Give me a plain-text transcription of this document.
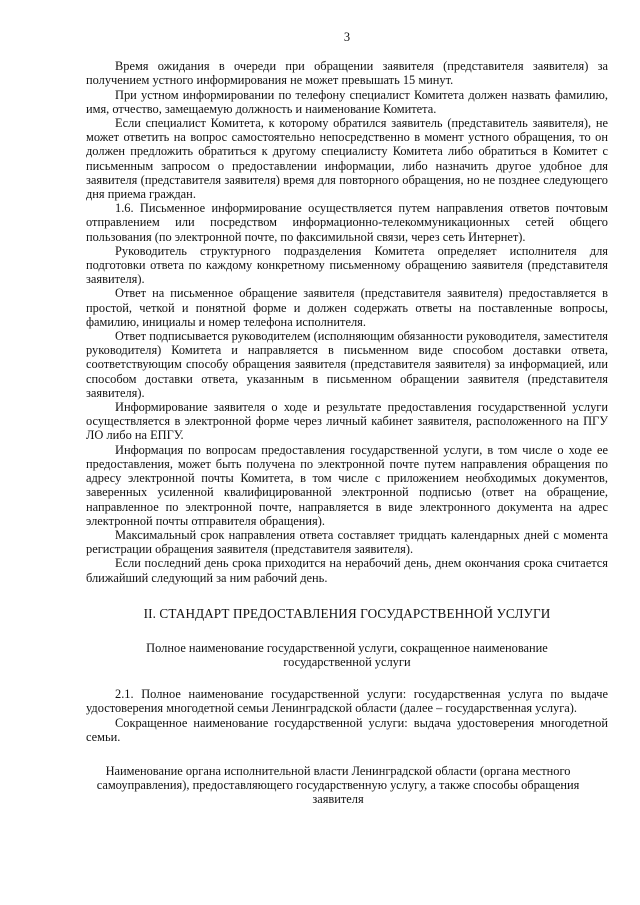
3

Время ожидания в очереди при обращении заявителя (представителя заявителя) за получением устного информирования не может превышать 15 минут.

При устном информировании по телефону специалист Комитета должен назвать фамилию, имя, отчество, замещаемую должность и наименование Комитета.

Если специалист Комитета, к которому обратился заявитель (представитель заявителя), не может ответить на вопрос самостоятельно непосредственно в момент устного обращения, то он должен предложить обратиться к другому специалисту Комитета либо обратиться в Комитет с письменным запросом о предоставлении информации, либо назначить другое удобное для заявителя (представителя заявителя) время для повторного обращения, но не позднее следующего дня приема граждан.

1.6. Письменное информирование осуществляется путем направления ответов почтовым отправлением или посредством информационно-телекоммуникационных сетей общего пользования (по электронной почте, по факсимильной связи, через сеть Интернет).

Руководитель структурного подразделения Комитета определяет исполнителя для подготовки ответа по каждому конкретному письменному обращению заявителя (представителя заявителя).

Ответ на письменное обращение заявителя (представителя заявителя) предоставляется в простой, четкой и понятной форме и должен содержать ответы на поставленные вопросы, фамилию, инициалы и номер телефона исполнителя.

Ответ подписывается руководителем (исполняющим обязанности руководителя, заместителя руководителя) Комитета и направляется в письменном виде способом доставки ответа, соответствующим способу обращения заявителя (представителя заявителя) за информацией, или способом доставки ответа, указанным в письменном обращении заявителя (представителя заявителя).

Информирование заявителя о ходе и результате предоставления государственной услуги осуществляется в электронной форме через личный кабинет заявителя, расположенного на ПГУ ЛО либо на ЕПГУ.

Информация по вопросам предоставления государственной услуги, в том числе о ходе ее предоставления, может быть получена по электронной почте путем направления обращения по адресу электронной почты Комитета, в том числе с приложением необходимых документов, заверенных усиленной квалифицированной электронной подписью (ответ на обращение, направленное по электронной почте, направляется в виде электронного документа на адрес электронной почты отправителя обращения).

Максимальный срок направления ответа составляет тридцать календарных дней с момента регистрации обращения заявителя (представителя заявителя).

Если последний день срока приходится на нерабочий день, днем окончания срока считается ближайший следующий за ним рабочий день.

II. СТАНДАРТ ПРЕДОСТАВЛЕНИЯ ГОСУДАРСТВЕННОЙ УСЛУГИ
Полное наименование государственной услуги, сокращенное наименование государственной услуги

2.1. Полное наименование государственной услуги: государственная услуга по выдаче удостоверения многодетной семьи Ленинградской области (далее – государственная услуга).

Сокращенное наименование государственной услуги: выдача удостоверения многодетной семьи.

Наименование органа исполнительной власти Ленинградской области (органа местного самоуправления), предоставляющего государственную услугу, а также способы обращения заявителя
